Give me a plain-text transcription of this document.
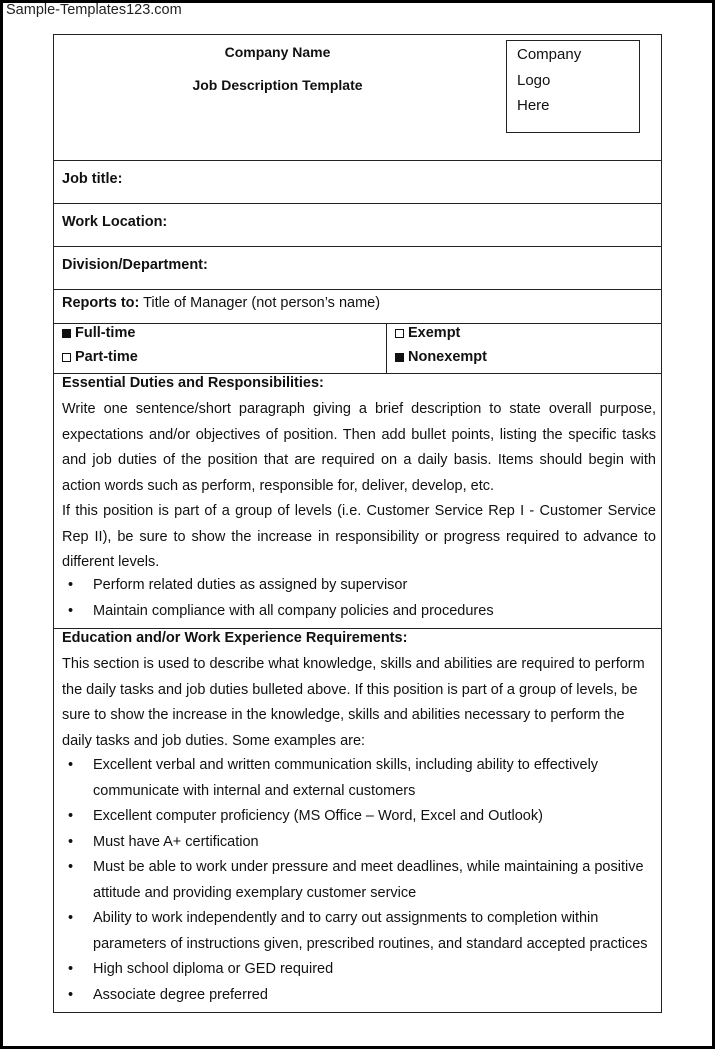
Sample-Templates123.com
Company Name
Job Description Template
Company
Logo
Here
Job title:
Work Location:
Division/Department:
Reports to: Title of Manager (not person’s name)
Full-time
Part-time
Exempt
Nonexempt
Essential Duties and Responsibilities:
Write one sentence/short paragraph giving a brief description to state overall purpose, expectations and/or objectives of position. Then add bullet points, listing the specific tasks and job duties of the position that are required on a daily basis. Items should begin with action words such as perform, responsible for, deliver, develop, etc.
If this position is part of a group of levels (i.e. Customer Service Rep I - Customer Service Rep II), be sure to show the increase in responsibility or progress required to advance to different levels.
• Perform related duties as assigned by supervisor
• Maintain compliance with all company policies and procedures
Education and/or Work Experience Requirements:
This section is used to describe what knowledge, skills and abilities are required to perform the daily tasks and job duties bulleted above. If this position is part of a group of levels, be sure to show the increase in the knowledge, skills and abilities necessary to perform the daily tasks and job duties. Some examples are:
• Excellent verbal and written communication skills, including ability to effectively communicate with internal and external customers
• Excellent computer proficiency (MS Office – Word, Excel and Outlook)
• Must have A+ certification
• Must be able to work under pressure and meet deadlines, while maintaining a positive attitude and providing exemplary customer service
• Ability to work independently and to carry out assignments to completion within parameters of instructions given, prescribed routines, and standard accepted practices
• High school diploma or GED required
• Associate degree preferred
